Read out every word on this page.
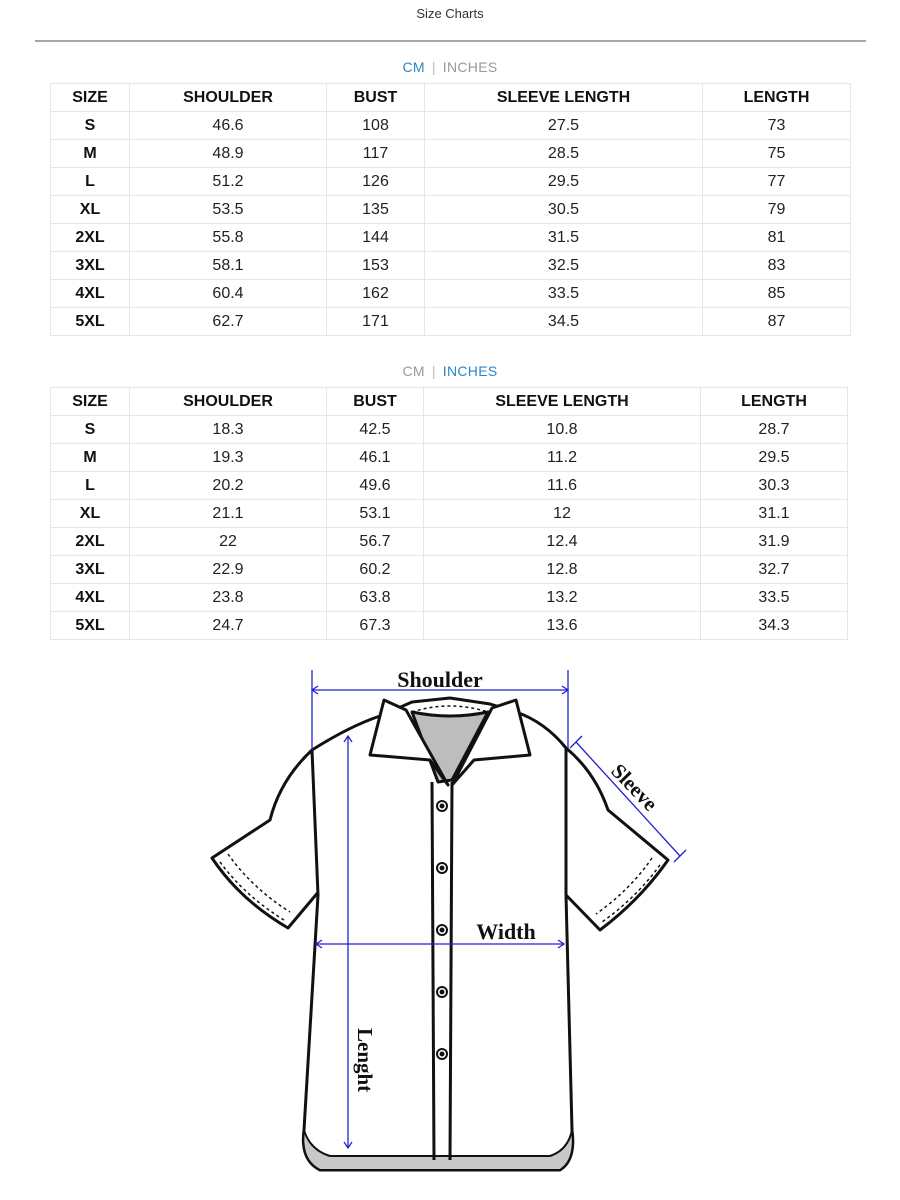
Size Charts
CM | INCHES
SIZE	SHOULDER	BUST	SLEEVE LENGTH	LENGTH
S	46.6	108	27.5	73
M	48.9	117	28.5	75
L	51.2	126	29.5	77
XL	53.5	135	30.5	79
2XL	55.8	144	31.5	81
3XL	58.1	153	32.5	83
4XL	60.4	162	33.5	85
5XL	62.7	171	34.5	87
CM | INCHES
SIZE	SHOULDER	BUST	SLEEVE LENGTH	LENGTH
S	18.3	42.5	10.8	28.7
M	19.3	46.1	11.2	29.5
L	20.2	49.6	11.6	30.3
XL	21.1	53.1	12	31.1
2XL	22	56.7	12.4	31.9
3XL	22.9	60.2	12.8	32.7
4XL	23.8	63.8	13.2	33.5
5XL	24.7	67.3	13.6	34.3
Shoulder
Sleeve
Width
Lenght
